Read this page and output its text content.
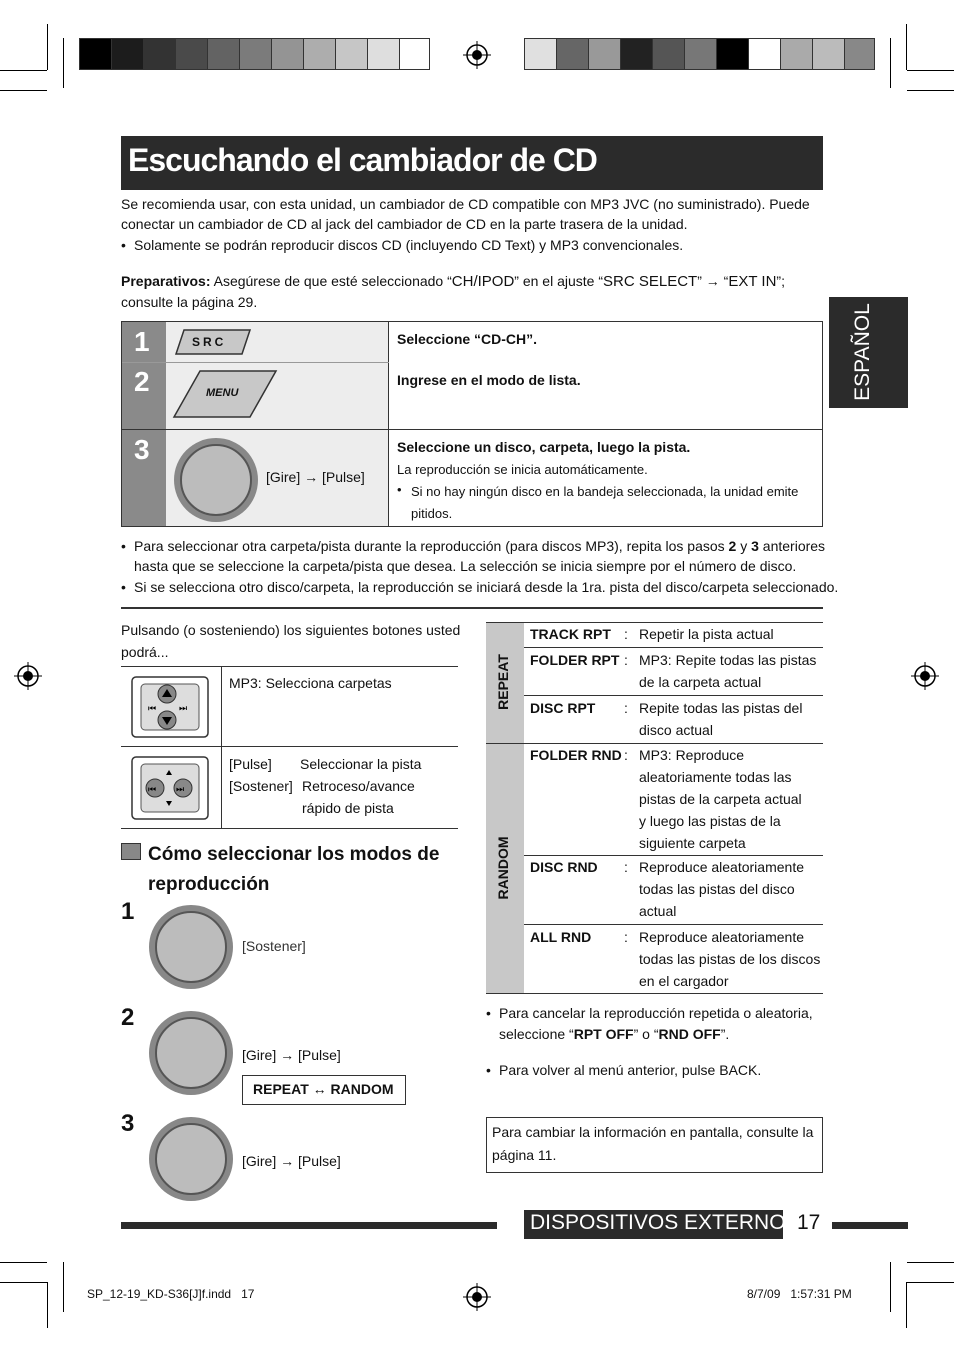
Escuchando el cambiador de CD
ESPAÑOL
Se recomienda usar, con esta unidad, un cambiador de CD compatible con MP3 JVC (no suministrado). Puede
conectar un cambiador de CD al jack del cambiador de CD en la parte trasera de la unidad.
• Solamente se podrán reproducir discos CD (incluyendo CD Text) y MP3 convencionales.
Preparativos: Asegúrese de que esté seleccionado “CH/IPOD” en el ajuste “SRC SELECT” → “EXT IN”;
consulte la página 29.
1
2
3
SRC
MENU
[Gire] → [Pulse]
Seleccione “CD-CH”.
Ingrese en el modo de lista.
Seleccione un disco, carpeta, luego la pista.
La reproducción se inicia automáticamente.
• Si no hay ningún disco en la bandeja seleccionada, la unidad emite
pitidos.
• Para seleccionar otra carpeta/pista durante la reproducción (para discos MP3), repita los pasos 2 y 3 anteriores
hasta que se seleccione la carpeta/pista que desea. La selección se inicia siempre por el número de disco.
• Si se selecciona otro disco/carpeta, la reproducción se iniciará desde la 1ra. pista del disco/carpeta seleccionado.
Pulsando (o sosteniendo) los siguientes botones usted
podrá...
⏮	⏭
MP3: Selecciona carpetas
⏮ ⏭
[Pulse] Seleccionar la pista
[Sostener] Retroceso/avance
rápido de pista
Cómo seleccionar los modos de
reproducción
1
[Sostener]
2
[Gire] → [Pulse]
REPEAT ↔ RANDOM
3
[Gire] → [Pulse]
REPEAT
RANDOM
TRACK RPT : Repetir la pista actual
FOLDER RPT : MP3: Repite todas las pistas
de la carpeta actual
DISC RPT : Repite todas las pistas del
disco actual
FOLDER RND : MP3: Reproduce
aleatoriamente todas las
pistas de la carpeta actual
y luego las pistas de la
siguiente carpeta
DISC RND : Reproduce aleatoriamente
todas las pistas del disco
actual
ALL RND : Reproduce aleatoriamente
todas las pistas de los discos
en el cargador
• Para cancelar la reproducción repetida o aleatoria,
seleccione “RPT OFF” o “RND OFF”.
• Para volver al menú anterior, pulse BACK.
Para cambiar la información en pantalla, consulte la
página 11.
DISPOSITIVOS EXTERNOS
17
SP_12-19_KD-S36[J]f.indd   17	8/7/09   1:57:31 PM
